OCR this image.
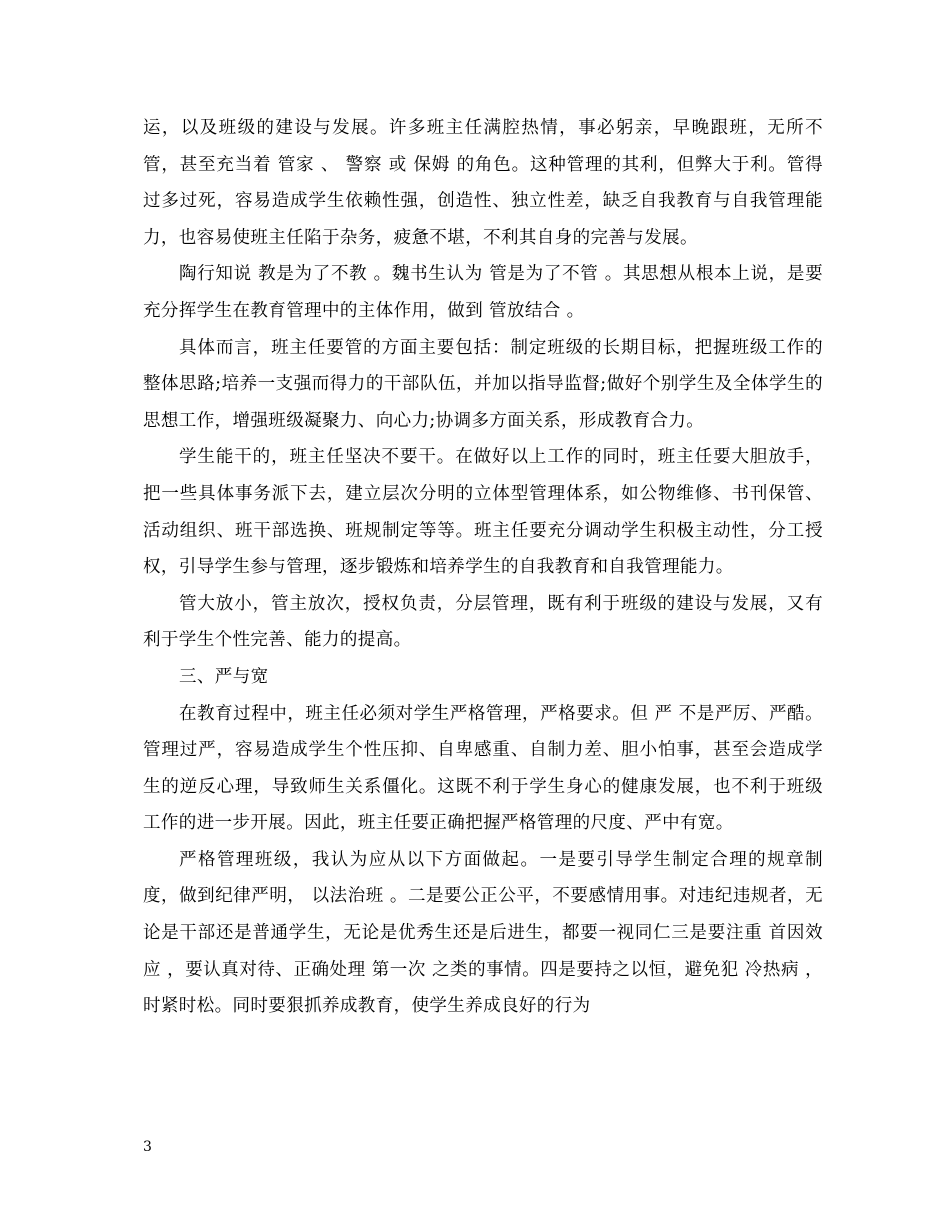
运，以及班级的建设与发展。许多班主任满腔热情，事必躬亲，早晚跟班，无所不管，甚至充当着 管家 、 警察 或 保姆 的角色。这种管理的其利，但弊大于利。管得过多过死，容易造成学生依赖性强，创造性、独立性差，缺乏自我教育与自我管理能力，也容易使班主任陷于杂务，疲惫不堪，不利其自身的完善与发展。

陶行知说 教是为了不教 。魏书生认为 管是为了不管 。其思想从根本上说，是要充分挥学生在教育管理中的主体作用，做到 管放结合 。

具体而言，班主任要管的方面主要包括：制定班级的长期目标，把握班级工作的整体思路;培养一支强而得力的干部队伍，并加以指导监督;做好个别学生及全体学生的思想工作，增强班级凝聚力、向心力;协调多方面关系，形成教育合力。

学生能干的，班主任坚决不要干。在做好以上工作的同时，班主任要大胆放手，把一些具体事务派下去，建立层次分明的立体型管理体系，如公物维修、书刊保管、活动组织、班干部选换、班规制定等等。班主任要充分调动学生积极主动性，分工授权，引导学生参与管理，逐步锻炼和培养学生的自我教育和自我管理能力。

管大放小，管主放次，授权负责，分层管理，既有利于班级的建设与发展，又有利于学生个性完善、能力的提高。

三、严与宽

在教育过程中，班主任必须对学生严格管理，严格要求。但 严 不是严厉、严酷。管理过严，容易造成学生个性压抑、自卑感重、自制力差、胆小怕事，甚至会造成学生的逆反心理，导致师生关系僵化。这既不利于学生身心的健康发展，也不利于班级工作的进一步开展。因此，班主任要正确把握严格管理的尺度、严中有宽。

严格管理班级，我认为应从以下方面做起。一是要引导学生制定合理的规章制度，做到纪律严明， 以法治班 。二是要公正公平，不要感情用事。对违纪违规者，无论是干部还是普通学生，无论是优秀生还是后进生，都要一视同仁三是要注重 首因效应 ，要认真对待、正确处理 第一次 之类的事情。四是要持之以恒，避免犯 冷热病 ，时紧时松。同时要狠抓养成教育，使学生养成良好的行为

3
